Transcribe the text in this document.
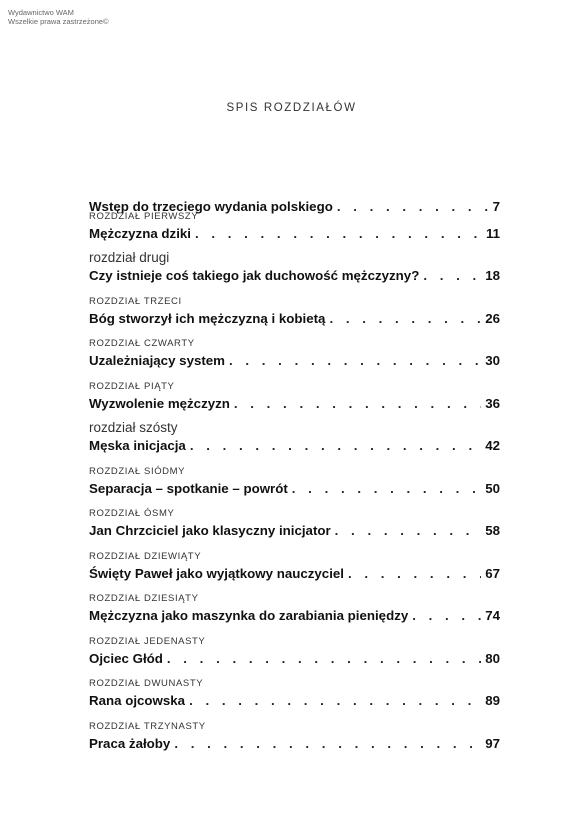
Wydawnictwo WAM
Wszelkie prawa zastrzeżone©
SPIS ROZDZIAŁÓW
Wstęp do trzeciego wydania polskiego . . .	7
ROZDZIAŁ PIERWSZY
Mężczyzna dziki . . .	11
rozdział drugi
Czy istnieje coś takiego jak duchowość mężczyzny? . . .	18
ROZDZIAŁ TRZECI
Bóg stworzył ich mężczyzną i kobietą . . .	26
ROZDZIAŁ CZWARTY
Uzależniający system . . .	30
ROZDZIAŁ PIĄTY
Wyzwolenie mężczyzn . . .	36
rozdział szósty
Męska inicjacja . . .	42
ROZDZIAŁ SIÓDMY
Separacja – spotkanie – powrót . . .	50
ROZDZIAŁ ÓSMY
Jan Chrzciciel jako klasyczny inicjator . . .	58
ROZDZIAŁ DZIEWIĄTY
Święty Paweł jako wyjątkowy nauczyciel . . .	67
ROZDZIAŁ DZIESIĄTY
Mężczyzna jako maszynka do zarabiania pieniędzy . . .	74
ROZDZIAŁ JEDENASTY
Ojciec Głód . . .	80
ROZDZIAŁ DWUNASTY
Rana ojcowska . . .	89
ROZDZIAŁ TRZYNASTY
Praca żałoby . . .	97
